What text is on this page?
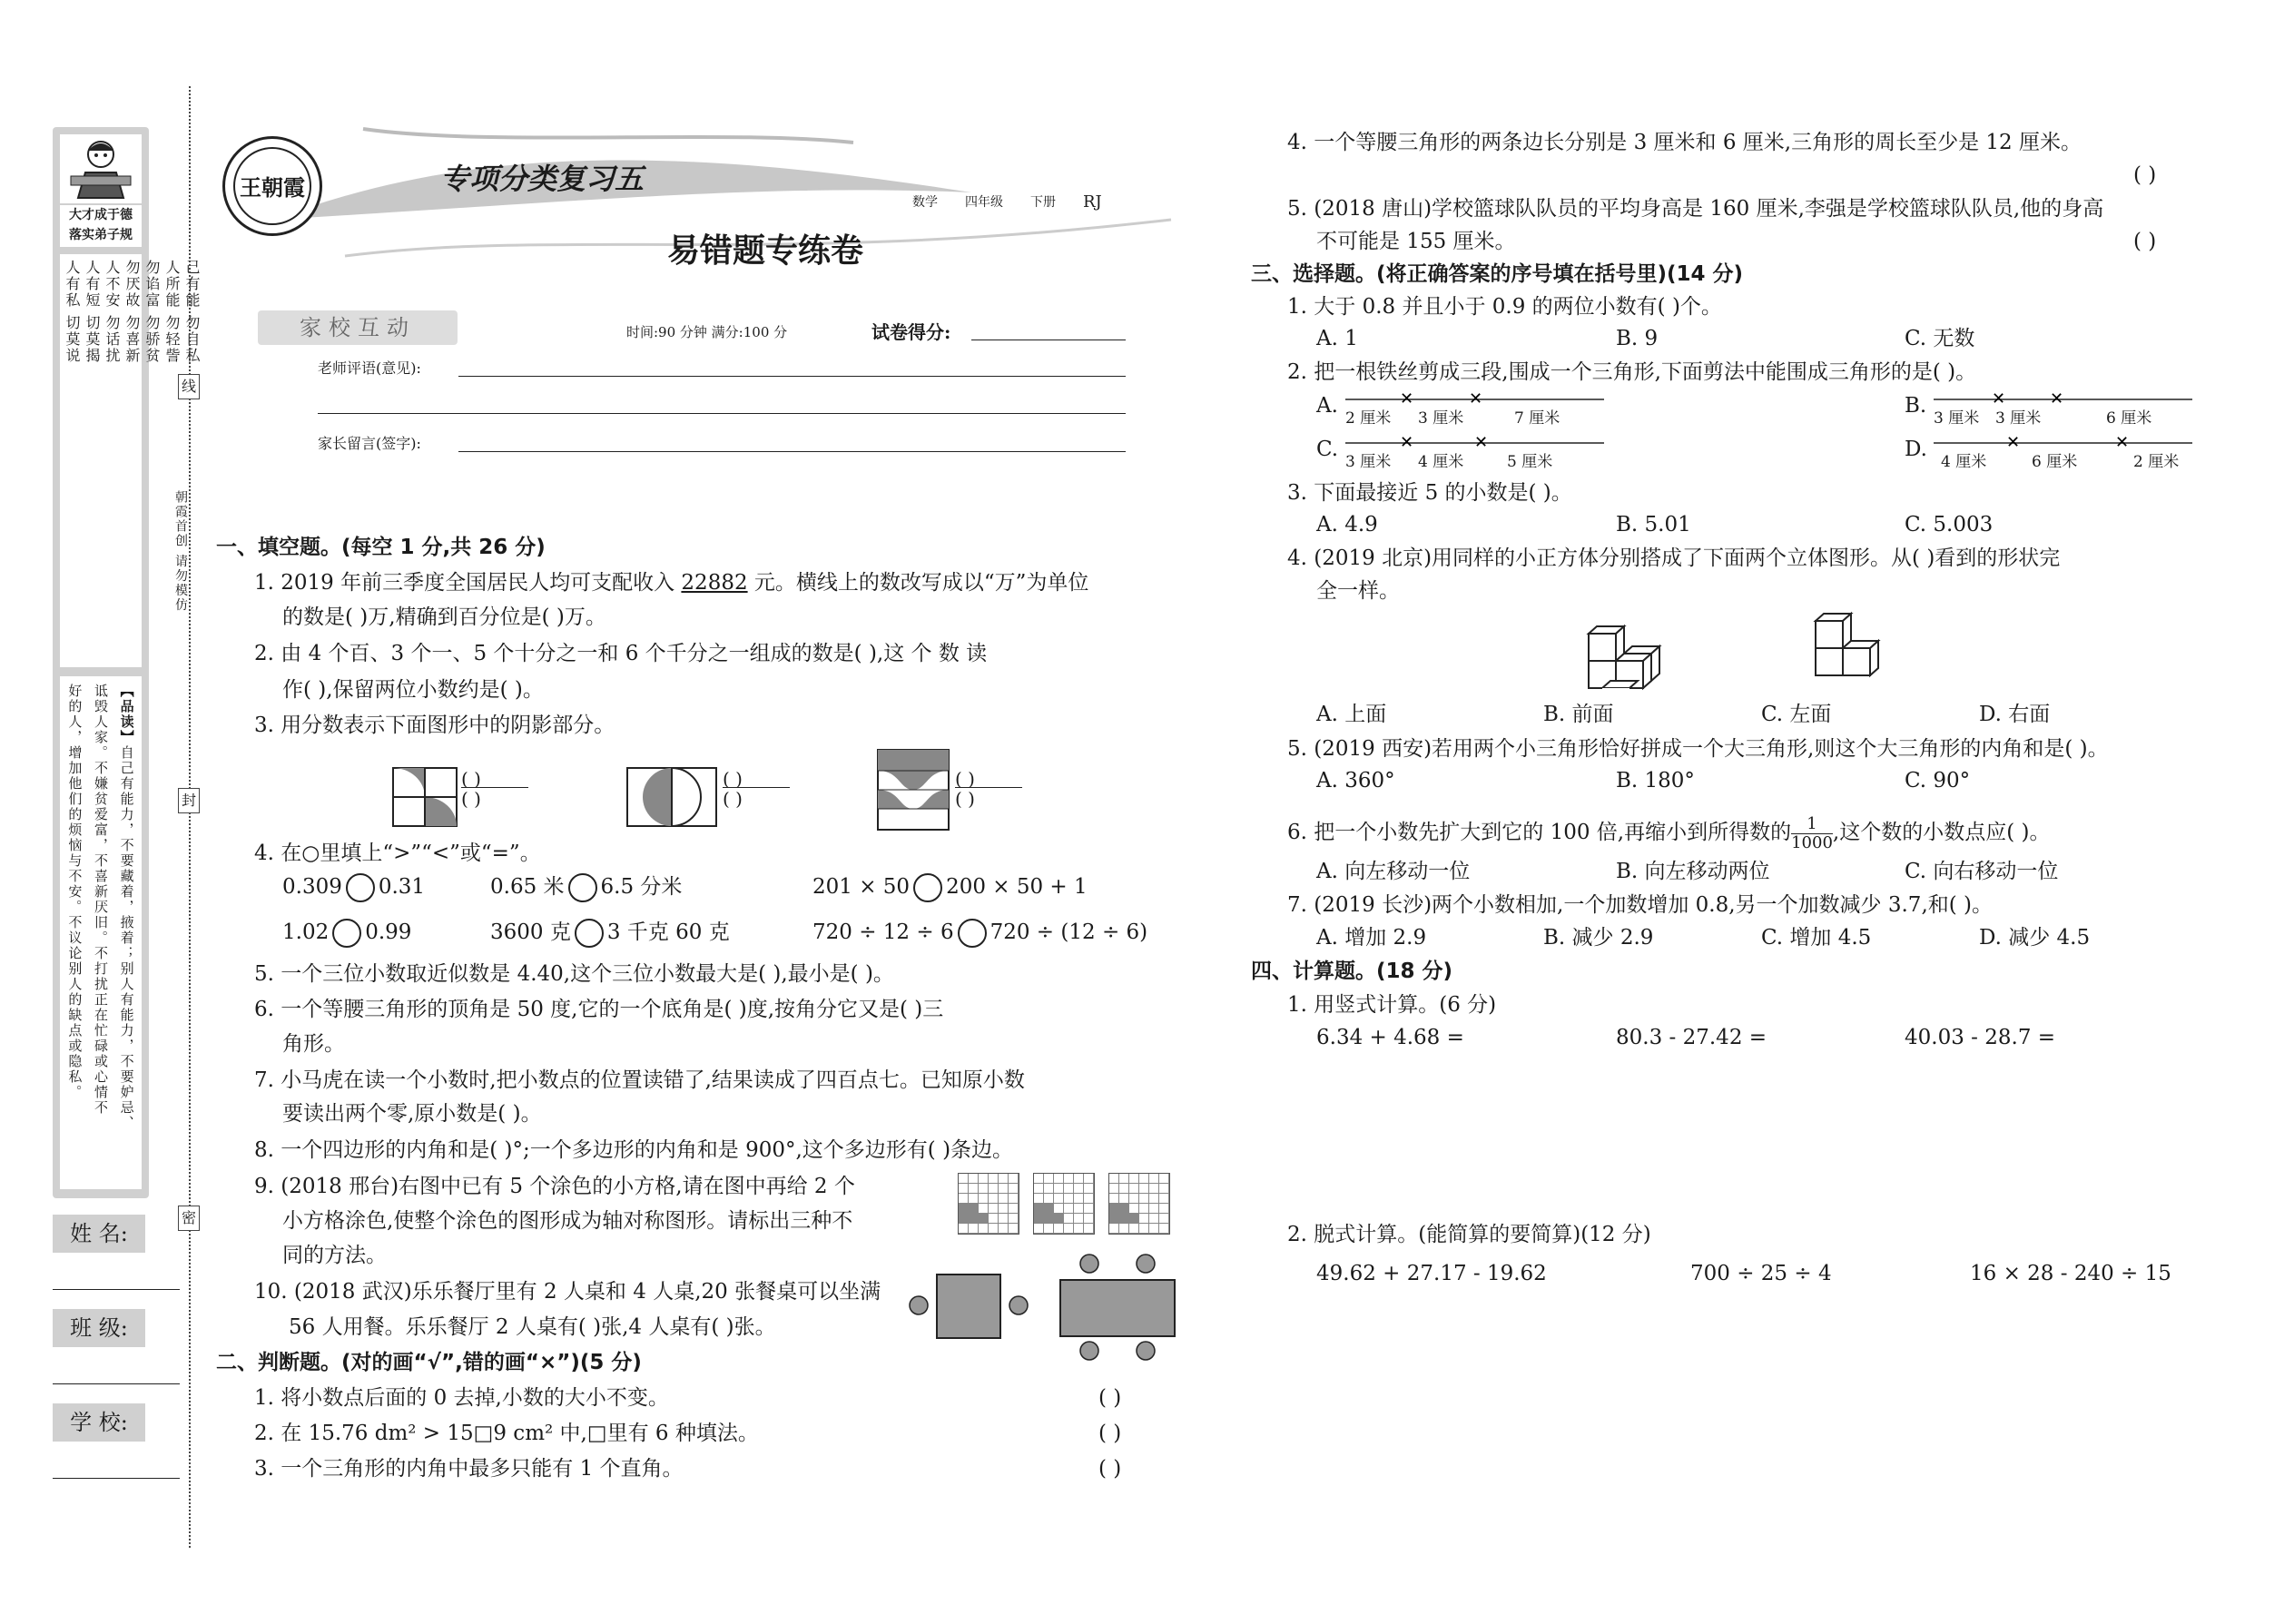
大才成于德
落实弟子规
己有能 勿自私
人所能 勿轻訾
勿谄富 勿骄贫
勿厌故 勿喜新
人不安 勿话扰
人有短 切莫揭
人有私 切莫说
【品读】自己有能力，不要藏着，掖着；别人有能力，不要妒忌、
诋毁人家。不嫌贫爱富，不喜新厌旧。不打扰正在忙碌或心情不
好的人，增加他们的烦恼与不安。不议论别人的缺点或隐私。
姓 名:
班 级:
学 校:
线
封
密
朝霞首创 请勿模仿
王朝霞	专项分类复习五
数学 四年级 下册 RJ
易错题专练卷
家校互动	时间:90 分钟 满分:100 分	试卷得分:
老师评语(意见):
家长留言(签字):
一、填空题。(每空 1 分,共 26 分)
1. 2019 年前三季度全国居民人均可支配收入 22882 元。横线上的数改写成以“万”为单位
的数是( )万,精确到百分位是( )万。
2. 由 4 个百、3 个一、5 个十分之一和 6 个千分之一组成的数是( ),这 个 数 读
作( ),保留两位小数约是( )。
3. 用分数表示下面图形中的阴影部分。
( )
( )
( )
( )
( )
( )
4. 在○里填上“>”“<”或“=”。
0.309 0.31	0.65 米 6.5 分米	201 × 50 200 × 50 + 1
1.02 0.99	3600 克 3 千克 60 克	720 ÷ 12 ÷ 6 720 ÷ (12 ÷ 6)
5. 一个三位小数取近似数是 4.40,这个三位小数最大是( ),最小是( )。
6. 一个等腰三角形的顶角是 50 度,它的一个底角是( )度,按角分它又是( )三
角形。
7. 小马虎在读一个小数时,把小数点的位置读错了,结果读成了四百点七。已知原小数
要读出两个零,原小数是( )。
8. 一个四边形的内角和是( )°;一个多边形的内角和是 900°,这个多边形有( )条边。
9. (2018 邢台)右图中已有 5 个涂色的小方格,请在图中再给 2 个
小方格涂色,使整个涂色的图形成为轴对称图形。请标出三种不
同的方法。
10. (2018 武汉)乐乐餐厅里有 2 人桌和 4 人桌,20 张餐桌可以坐满
56 人用餐。乐乐餐厅 2 人桌有( )张,4 人桌有( )张。
二、判断题。(对的画“√”,错的画“×”)(5 分)
1. 将小数点后面的 0 去掉,小数的大小不变。	( )
2. 在 15.76 dm² > 15□9 cm² 中,□里有 6 种填法。	( )
3. 一个三角形的内角中最多只能有 1 个直角。	( )
4. 一个等腰三角形的两条边长分别是 3 厘米和 6 厘米,三角形的周长至少是 12 厘米。
( )
5. (2018 唐山)学校篮球队队员的平均身高是 160 厘米,李强是学校篮球队队员,他的身高
不可能是 155 厘米。	( )
三、选择题。(将正确答案的序号填在括号里)(14 分)
1. 大于 0.8 并且小于 0.9 的两位小数有( )个。
A. 1	B. 9	C. 无数
2. 把一根铁丝剪成三段,围成一个三角形,下面剪法中能围成三角形的是( )。
A.	✕	✕
2 厘米 3 厘米	7 厘米
B.	✕	✕
3 厘米 3 厘米	6 厘米
C.	✕	✕
3 厘米 4 厘米	5 厘米
D.	✕	✕
4 厘米	6 厘米	2 厘米
3. 下面最接近 5 的小数是( )。
A. 4.9	B. 5.01	C. 5.003
4. (2019 北京)用同样的小正方体分别搭成了下面两个立体图形。从( )看到的形状完
全一样。
A. 上面	B. 前面	C. 左面	D. 右面
5. (2019 西安)若用两个小三角形恰好拼成一个大三角形,则这个大三角形的内角和是( )。
A. 360°	B. 180°	C. 90°
6. 把一个小数先扩大到它的 100 倍,再缩小到所得数的 $\frac{1}{1000}$ ,这个数的小数点应( )。
A. 向左移动一位	B. 向左移动两位	C. 向右移动一位
7. (2019 长沙)两个小数相加,一个加数增加 0.8,另一个加数减少 3.7,和( )。
A. 增加 2.9	B. 减少 2.9	C. 增加 4.5	D. 减少 4.5
四、计算题。(18 分)
1. 用竖式计算。(6 分)
6.34 + 4.68 =	80.3 - 27.42 =	40.03 - 28.7 =
2. 脱式计算。(能简算的要简算)(12 分)
49.62 + 27.17 - 19.62	700 ÷ 25 ÷ 4	16 × 28 - 240 ÷ 15
